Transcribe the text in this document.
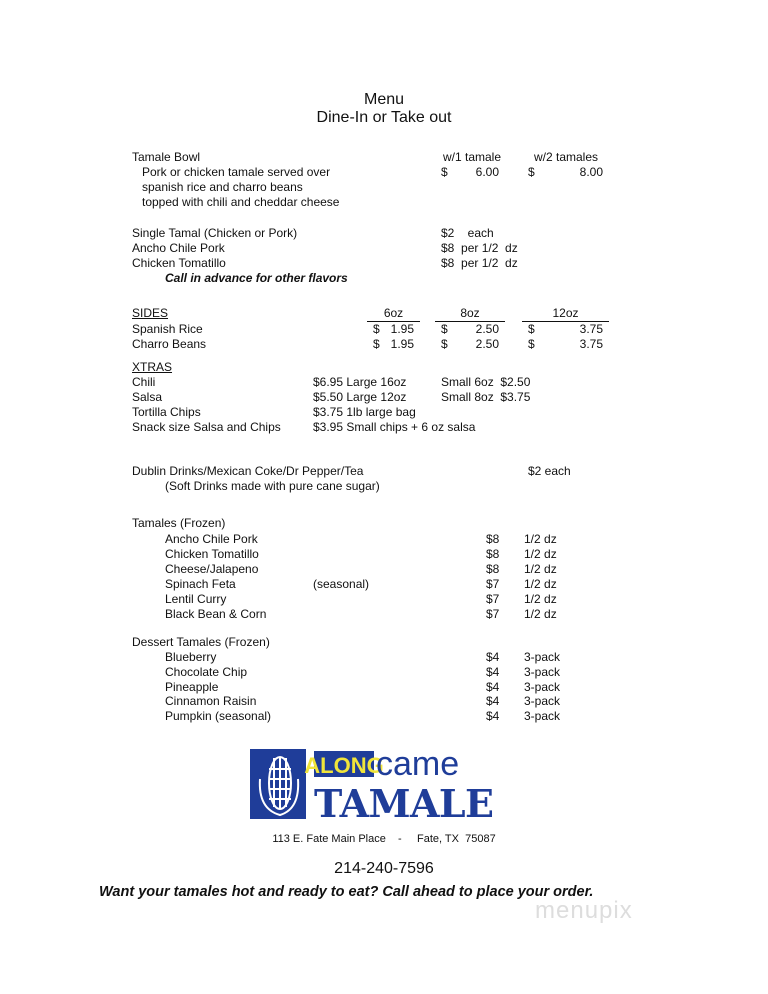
Menu
Dine-In or Take out
Tamale Bowl
Pork or chicken tamale served over
spanish rice and charro beans
topped with chili and cheddar cheese
w/1 tamale	w/2 tamales
$	6.00 $	8.00
Single Tamal (Chicken or Pork)	$2    each
Ancho Chile Pork	$8  per 1/2  dz
Chicken Tomatillo	$8  per 1/2  dz
Call in advance for other flavors
SIDES	6oz	8oz	12oz
Spanish Rice	$ 1.95 $	2.50 $	3.75
Charro Beans	$ 1.95 $	2.50 $	3.75
XTRAS
Chili	$6.95 Large 16oz	Small 6oz  $2.50
Salsa	$5.50 Large 12oz	Small 8oz  $3.75
Tortilla Chips	$3.75 1lb large bag
Snack size Salsa and Chips	$3.95 Small chips + 6 oz salsa
Dublin Drinks/Mexican Coke/Dr Pepper/Tea	$2 each
(Soft Drinks made with pure cane sugar)
Tamales (Frozen)
Ancho Chile Pork	$8 1/2 dz
Chicken Tomatillo	$8 1/2 dz
Cheese/Jalapeno	$8 1/2 dz
Spinach Feta	(seasonal)	$7 1/2 dz
Lentil Curry	$7 1/2 dz
Black Bean & Corn	$7 1/2 dz
Dessert Tamales (Frozen)
Blueberry	$4 3-pack
Chocolate Chip	$4 3-pack
Pineapple	$4 3-pack
Cinnamon Raisin	$4 3-pack
Pumpkin (seasonal)	$4 3-pack
ALONG
came
TAMALE
113 E. Fate Main Place    -     Fate, TX  75087
214-240-7596
Want your tamales hot and ready to eat? Call ahead to place your order.
menupix
